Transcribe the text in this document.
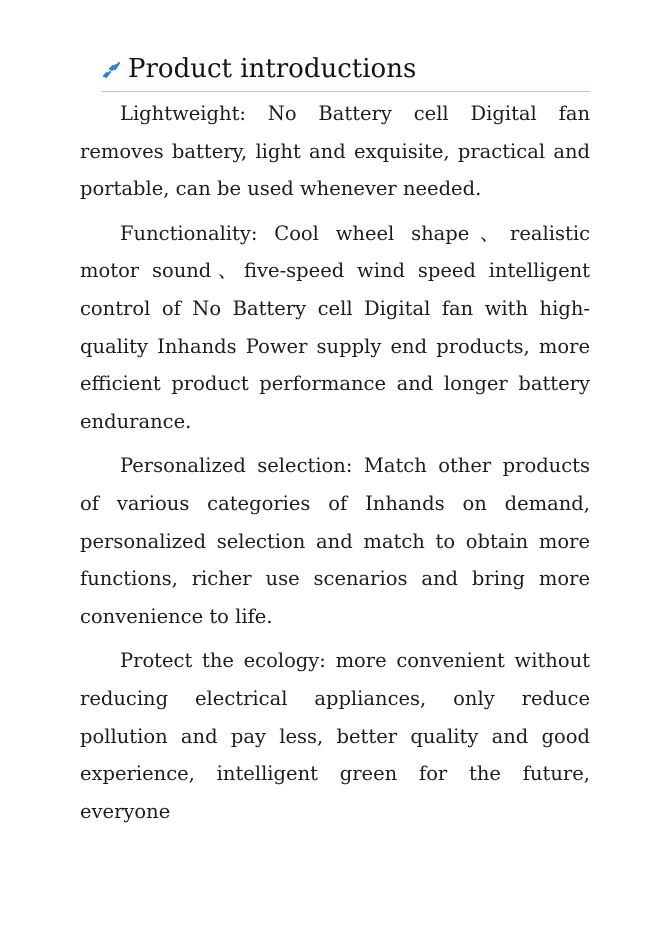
Product introductions

Lightweight: No Battery cell Digital fan removes battery, light and exquisite, practical and portable, can be used whenever needed.

Functionality: Cool wheel shape、realistic motor sound、five-speed wind speed intelligent control of No Battery cell Digital fan with high-quality Inhands Power supply end products, more efficient product performance and longer battery endurance.

Personalized selection: Match other products of various categories of Inhands on demand, personalized selection and match to obtain more functions, richer use scenarios and bring more convenience to life.

Protect the ecology: more convenient without reducing electrical appliances, only reduce pollution and pay less, better quality and good experience, intelligent green for the future, everyone
